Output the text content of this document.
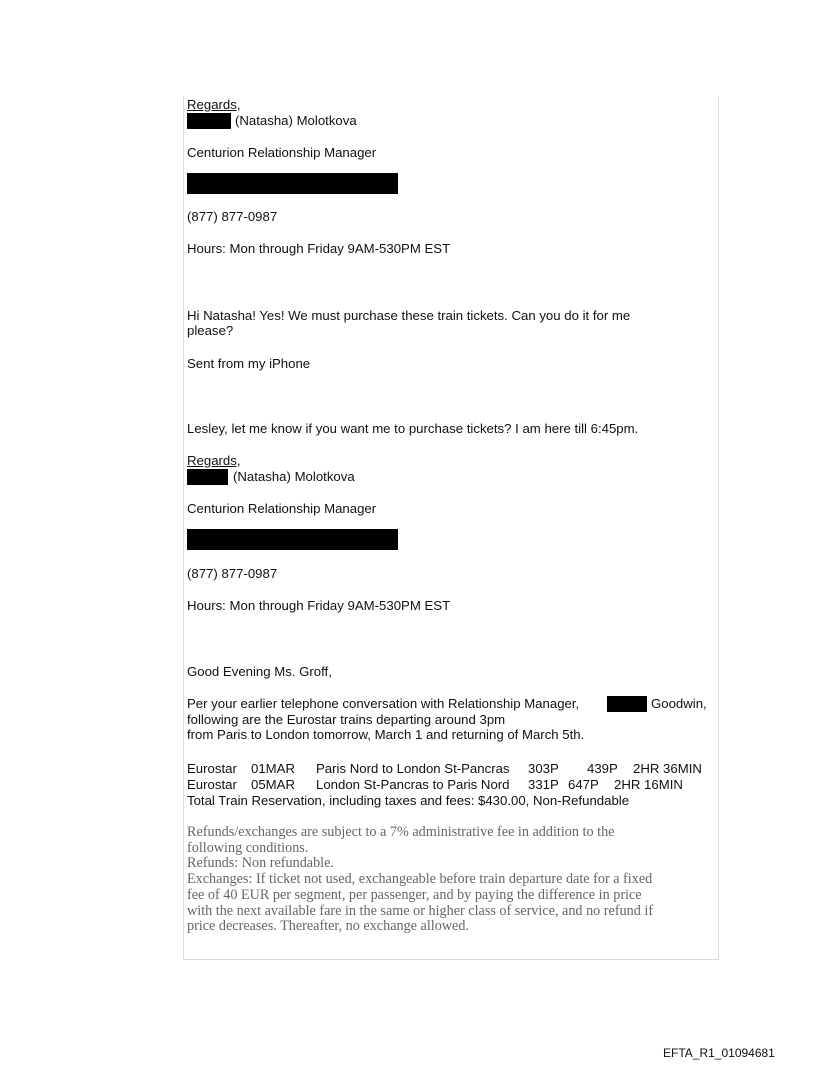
Regards,

(Natasha) Molotkova

Centurion Relationship Manager

(877) 877-0987

Hours: Mon through Friday 9AM-530PM EST

Hi Natasha! Yes! We must purchase these train tickets. Can you do it for me

please?

Sent from my iPhone

Lesley, let me know if you want me to purchase tickets? I am here till 6:45pm.

Regards,

(Natasha) Molotkova

Centurion Relationship Manager

(877) 877-0987

Hours: Mon through Friday 9AM-530PM EST

Good Evening Ms. Groff,

Per your earlier telephone conversation with Relationship Manager,	Goodwin,

following are the Eurostar trains departing around 3pm

from Paris to London tomorrow, March 1 and returning of March 5th.

Eurostar 01MAR Paris Nord to London St-Pancras 303P 439P 2HR 36MIN
Eurostar 05MAR London St-Pancras to Paris Nord 331P 647P 2HR 16MIN

Total Train Reservation, including taxes and fees: $430.00, Non-Refundable

Refunds/exchanges are subject to a 7% administrative fee in addition to the
following conditions.
Refunds: Non refundable.
Exchanges: If ticket not used, exchangeable before train departure date for a fixed
fee of 40 EUR per segment, per passenger, and by paying the difference in price
with the next available fare in the same or higher class of service, and no refund if
price decreases. Thereafter, no exchange allowed.

EFTA_R1_01094681
